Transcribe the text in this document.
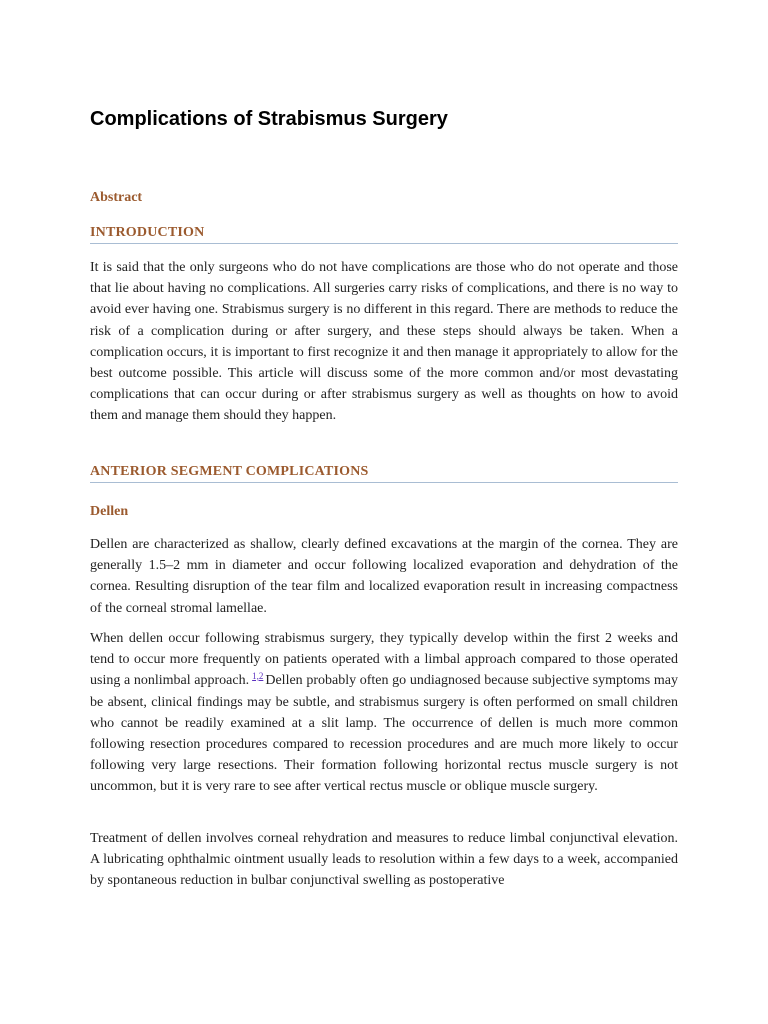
Complications of Strabismus Surgery
Abstract
INTRODUCTION

It is said that the only surgeons who do not have complications are those who do not operate and those that lie about having no complications. All surgeries carry risks of complications, and there is no way to avoid ever having one. Strabismus surgery is no different in this regard. There are methods to reduce the risk of a complication during or after surgery, and these steps should always be taken. When a complication occurs, it is important to first recognize it and then manage it appropriately to allow for the best outcome possible. This article will discuss some of the more common and/or most devastating complications that can occur during or after strabismus surgery as well as thoughts on how to avoid them and manage them should they happen.

ANTERIOR SEGMENT COMPLICATIONS
Dellen

Dellen are characterized as shallow, clearly defined excavations at the margin of the cornea. They are generally 1.5–2 mm in diameter and occur following localized evaporation and dehydration of the cornea. Resulting disruption of the tear film and localized evaporation result in increasing compactness of the corneal stromal lamellae.

When dellen occur following strabismus surgery, they typically develop within the first 2 weeks and tend to occur more frequently on patients operated with a limbal approach compared to those operated using a nonlimbal approach. $^{1,2}$ Dellen probably often go undiagnosed because subjective symptoms may be absent, clinical findings may be subtle, and strabismus surgery is often performed on small children who cannot be readily examined at a slit lamp. The occurrence of dellen is much more common following resection procedures compared to recession procedures and are much more likely to occur following very large resections. Their formation following horizontal rectus muscle surgery is not uncommon, but it is very rare to see after vertical rectus muscle or oblique muscle surgery.

Treatment of dellen involves corneal rehydration and measures to reduce limbal conjunctival elevation. A lubricating ophthalmic ointment usually leads to resolution within a few days to a week, accompanied by spontaneous reduction in bulbar conjunctival swelling as postoperative
